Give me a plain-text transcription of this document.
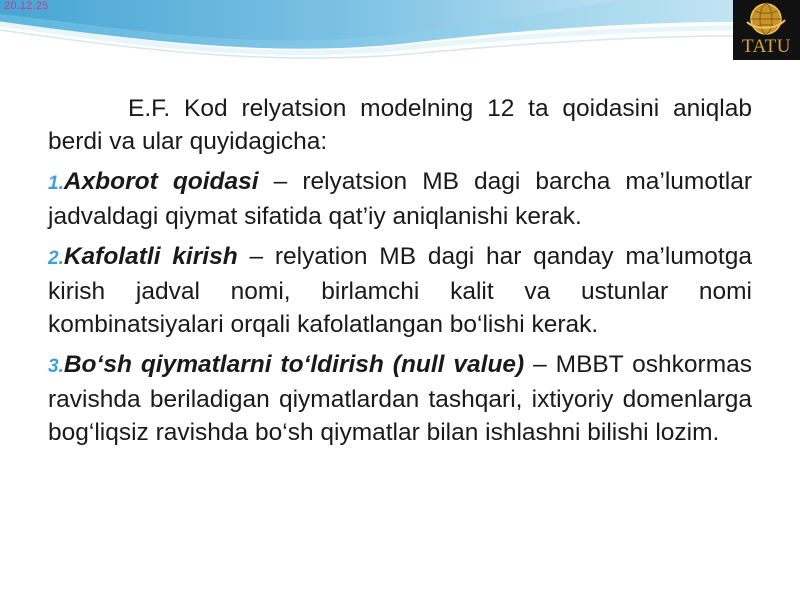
20.12.25
TATU

E.F. Kod relyatsion modelning 12 ta qoidasini aniqlab berdi va ular quyidagicha:

1.Axborot qoidasi – relyatsion MB dagi barcha ma’lumotlar jadvaldagi qiymat sifatida qat’iy aniqlanishi kerak.

2.Kafolatli kirish – relyation MB dagi har qanday ma’lumotga kirish jadval nomi, birlamchi kalit va ustunlar nomi kombinatsiyalari orqali kafolatlangan bo‘lishi kerak.

3.Bo‘sh qiymatlarni to‘ldirish (null value) – MBBT oshkormas ravishda beriladigan qiymatlardan tashqari, ixtiyoriy domenlarga bog‘liqsiz ravishda bo‘sh qiymatlar bilan ishlashni bilishi lozim.
